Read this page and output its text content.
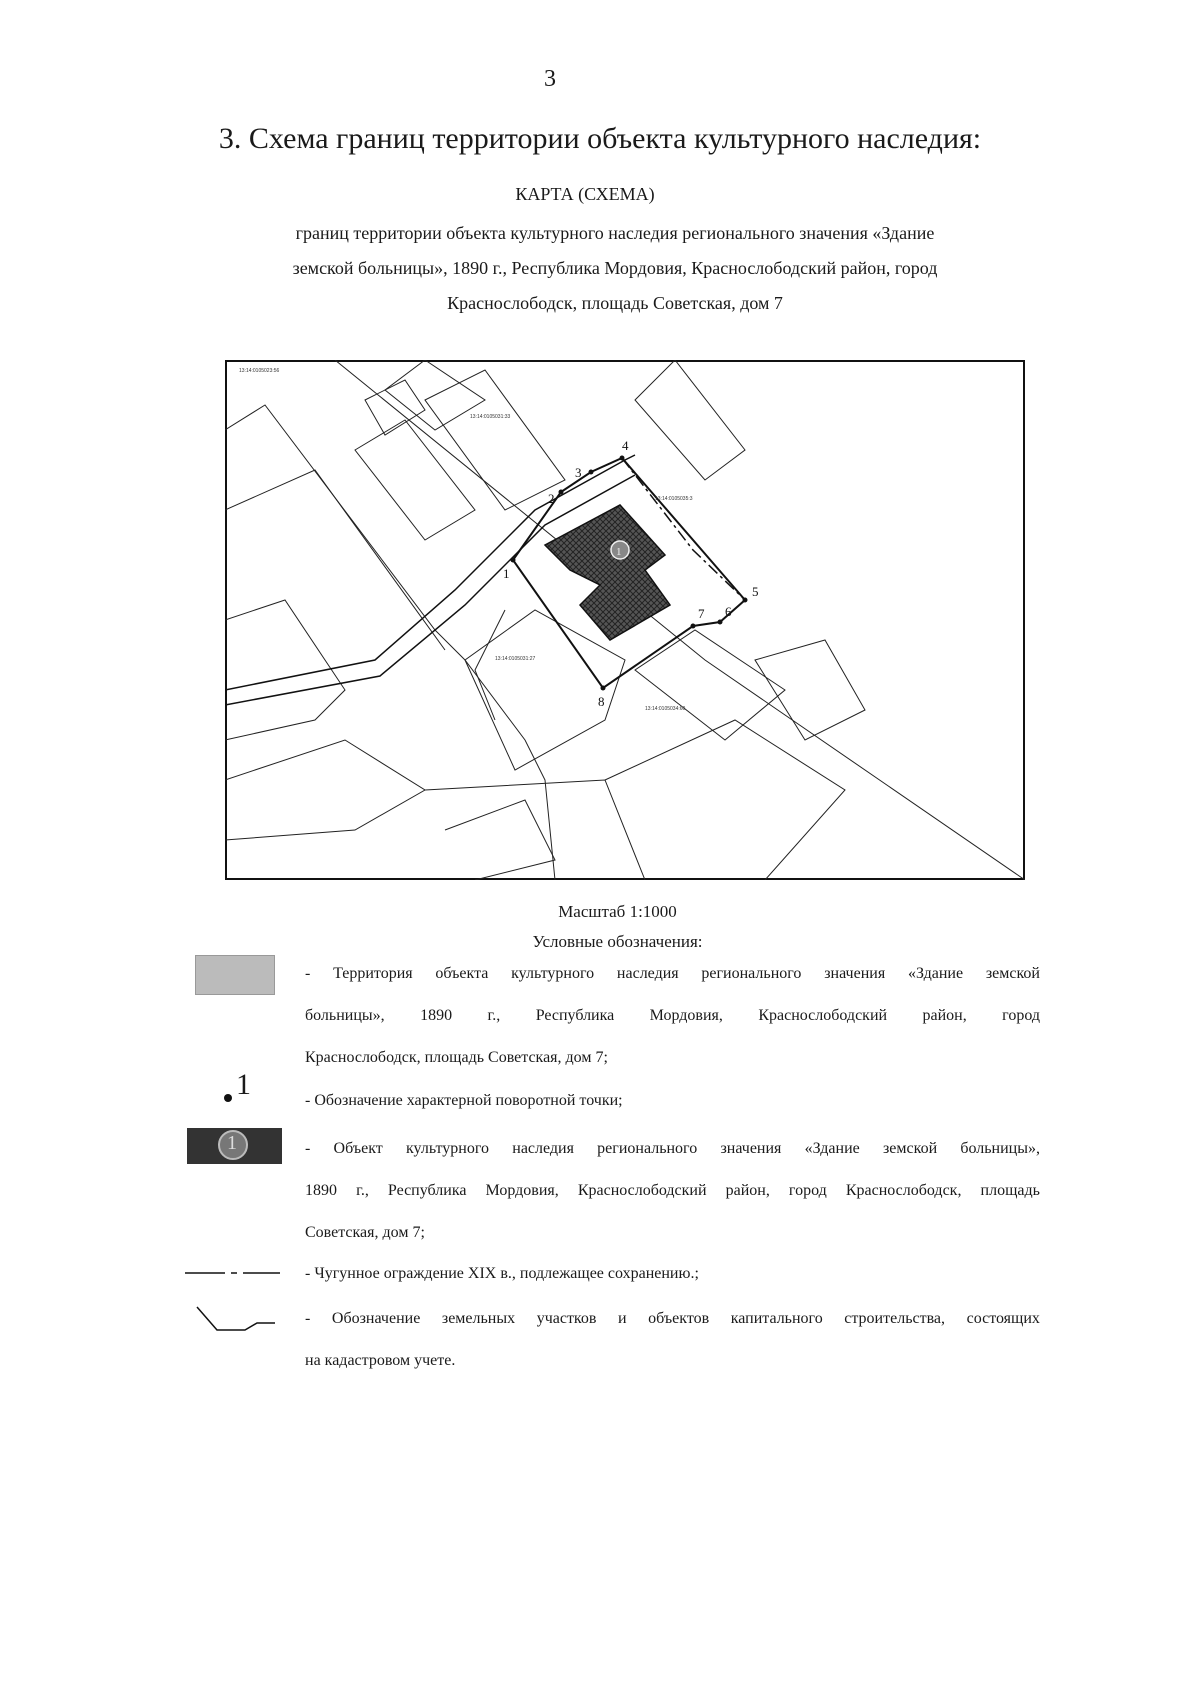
3
3. Схема границ территории объекта культурного наследия:
КАРТА (СХЕМА)
границ территории объекта культурного наследия регионального значения «Здание
земской больницы», 1890 г., Республика Мордовия, Краснослободский район, город
Краснослободск, площадь Советская, дом 7
1
1
2
3
4
5
6
7
8
13:14:0105023:56
13:14:0105031:33
13:14:0105035:3
13:14:0105031:27
13:14:0105034:60
Масштаб 1:1000
Условные обозначения:
1
1
- Территория объекта культурного наследия регионального значения «Здание земской
больницы», 1890 г., Республика Мордовия, Краснослободский район, город
Краснослободск, площадь Советская, дом 7;
- Обозначение характерной поворотной точки;
- Объект культурного наследия регионального значения «Здание земской больницы»,
1890 г., Республика Мордовия, Краснослободский район, город Краснослободск, площадь
Советская, дом 7;
- Чугунное ограждение XIX в., подлежащее сохранению.;
- Обозначение земельных участков и объектов капитального строительства, состоящих
на кадастровом учете.
